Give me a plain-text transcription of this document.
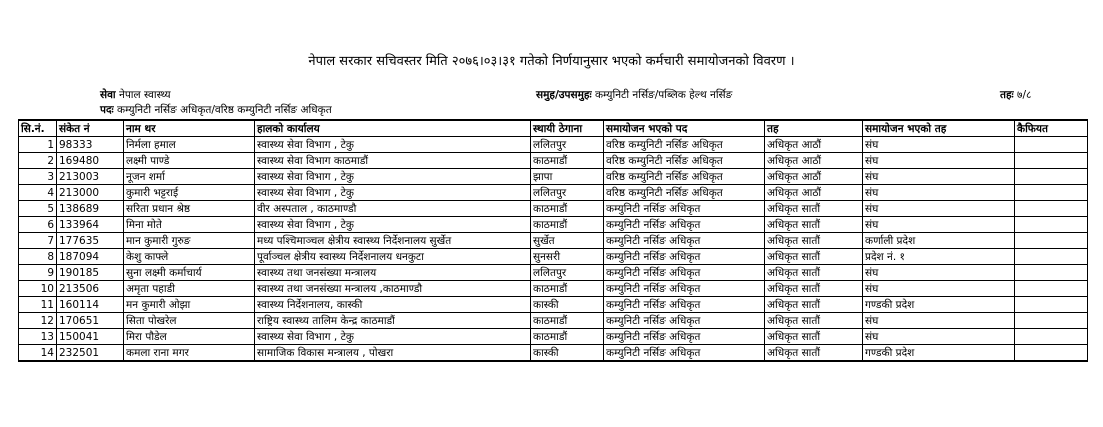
नेपाल सरकार सचिवस्तर मिति २०७६।०३।३१ गतेको निर्णयानुसार भएको कर्मचारी समायोजनको विवरण ।
सेवा नेपाल स्वास्थ्य	समुह/उपसमुहः कम्युनिटी नर्सिङ/पब्लिक हेल्थ नर्सिङ	तहः ७/८
पदः कम्युनिटी नर्सिङ अधिकृत/वरिष्ठ कम्युनिटी नर्सिङ अधिकृत
सि.नं.	संकेत नं	नाम थर	हालको कार्यालय	स्थायी ठेगाना	समायोजन भएको पद	तह	समायोजन भएको तह	कैफियत
1	98333	निर्मला हमाल	स्वास्थ्य सेवा विभाग , टेकु	ललितपुर	वरिष्ठ कम्युनिटी नर्सिङ अधिकृत	अधिकृत आठौं	संघ	
2	169480	लक्ष्मी पाण्डे	स्वास्थ्य सेवा विभाग काठमाडौं	काठमाडौं	वरिष्ठ कम्युनिटी नर्सिङ अधिकृत	अधिकृत आठौं	संघ	
3	213003	नूजन शर्मा	स्वास्थ्य सेवा विभाग , टेकु	झापा	वरिष्ठ कम्युनिटी नर्सिङ अधिकृत	अधिकृत आठौं	संघ	
4	213000	कुमारी भट्टराई	स्वास्थ्य सेवा विभाग , टेकु	ललितपुर	वरिष्ठ कम्युनिटी नर्सिङ अधिकृत	अधिकृत आठौं	संघ	
5	138689	सरिता प्रधान श्रेष्ठ	वीर अस्पताल , काठमाण्डौ	काठमाडौं	कम्युनिटी नर्सिङ अधिकृत	अधिकृत सातौं	संघ	
6	133964	मिना मोते	स्वास्थ्य सेवा विभाग , टेकु	काठमाडौं	कम्युनिटी नर्सिङ अधिकृत	अधिकृत सातौं	संघ	
7	177635	मान कुमारी गुरुङ	मध्य पश्चिमाञ्चल क्षेत्रीय स्वास्थ्य निर्देशनालय सुर्खेत	सुर्खेत	कम्युनिटी नर्सिङ अधिकृत	अधिकृत सातौं	कर्णाली प्रदेश	
8	187094	केशु काफ्ले	पूर्वाञ्चल क्षेत्रीय स्वास्थ्य निर्देशनालय धनकुटा	सुनसरी	कम्युनिटी नर्सिङ अधिकृत	अधिकृत सातौं	प्रदेश नं. १	
9	190185	सुना लक्ष्मी कर्माचार्य	स्वास्थ्य तथा जनसंख्या मन्त्रालय	ललितपुर	कम्युनिटी नर्सिङ अधिकृत	अधिकृत सातौं	संघ	
10	213506	अमृता पहाडी	स्वास्थ्य तथा जनसंख्या मन्त्रालय ,काठमाण्डौ	काठमाडौं	कम्युनिटी नर्सिङ अधिकृत	अधिकृत सातौं	संघ	
11	160114	मन कुमारी ओझा	स्वास्थ्य निर्देशनालय, कास्की	कास्की	कम्युनिटी नर्सिङ अधिकृत	अधिकृत सातौं	गण्डकी प्रदेश	
12	170651	सिता पोखरेल	राष्ट्रिय स्वास्थ्य तालिम केन्द्र काठमाडौं	काठमाडौं	कम्युनिटी नर्सिङ अधिकृत	अधिकृत सातौं	संघ	
13	150041	मिरा पौडेल	स्वास्थ्य सेवा विभाग , टेकु	काठमाडौं	कम्युनिटी नर्सिङ अधिकृत	अधिकृत सातौं	संघ	
14	232501	कमला राना मगर	सामाजिक विकास मन्त्रालय , पोखरा	कास्की	कम्युनिटी नर्सिङ अधिकृत	अधिकृत सातौं	गण्डकी प्रदेश	
